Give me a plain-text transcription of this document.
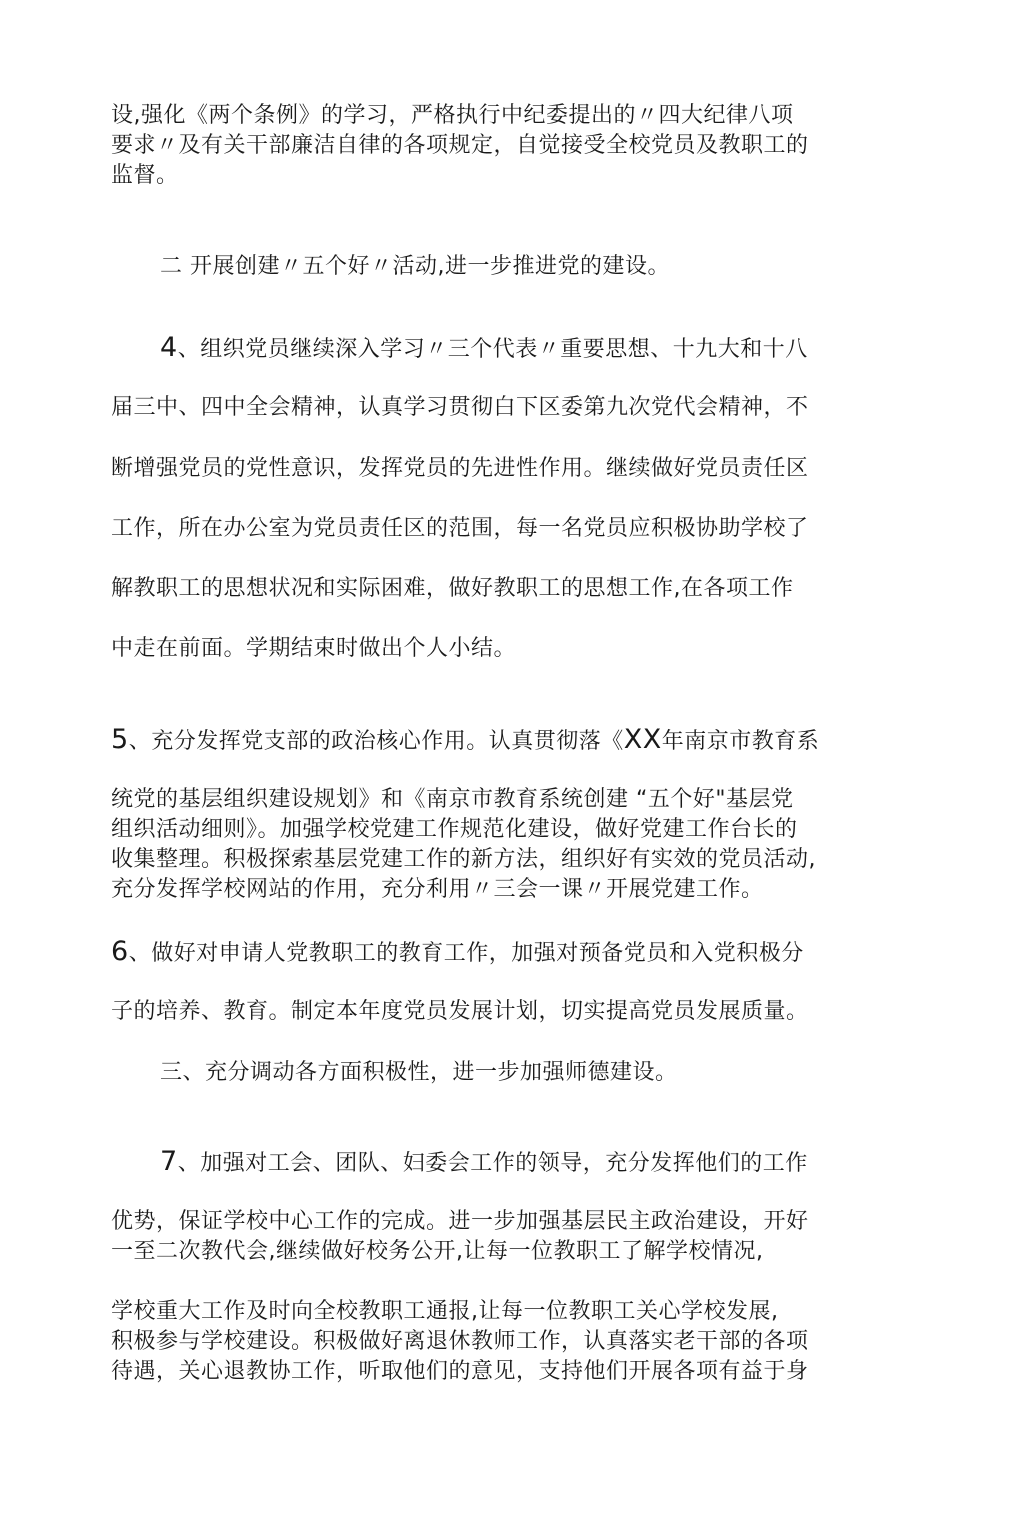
设,强化《两个条例》的学习，严格执行中纪委提出的〃四大纪律八项
要求〃及有关干部廉洁自律的各项规定，自觉接受全校党员及教职工的
监督。
二 开展创建〃五个好〃活动,进一步推进党的建设。
4、组织党员继续深入学习〃三个代表〃重要思想、十九大和十八
届三中、四中全会精神，认真学习贯彻白下区委第九次党代会精神，不
断增强党员的党性意识，发挥党员的先进性作用。继续做好党员责任区
工作，所在办公室为党员责任区的范围，每一名党员应积极协助学校了
解教职工的思想状况和实际困难，做好教职工的思想工作,在各项工作
中走在前面。学期结束时做出个人小结。
5、充分发挥党支部的政治核心作用。认真贯彻落《XX年南京市教育系
统党的基层组织建设规划》和《南京市教育系统创建 “五个好"基层党
组织活动细则》。加强学校党建工作规范化建设，做好党建工作台长的
收集整理。积极探索基层党建工作的新方法，组织好有实效的党员活动,
充分发挥学校网站的作用，充分利用〃三会一课〃开展党建工作。
6、做好对申请人党教职工的教育工作，加强对预备党员和入党积极分
子的培养、教育。制定本年度党员发展计划，切实提高党员发展质量。
三、充分调动各方面积极性，进一步加强师德建设。
7、加强对工会、团队、妇委会工作的领导，充分发挥他们的工作
优势，保证学校中心工作的完成。进一步加强基层民主政治建设，开好
一至二次教代会,继续做好校务公开,让每一位教职工了解学校情况,
学校重大工作及时向全校教职工通报,让每一位教职工关心学校发展,
积极参与学校建设。积极做好离退休教师工作，认真落实老干部的各项
待遇，关心退教协工作，听取他们的意见，支持他们开展各项有益于身
